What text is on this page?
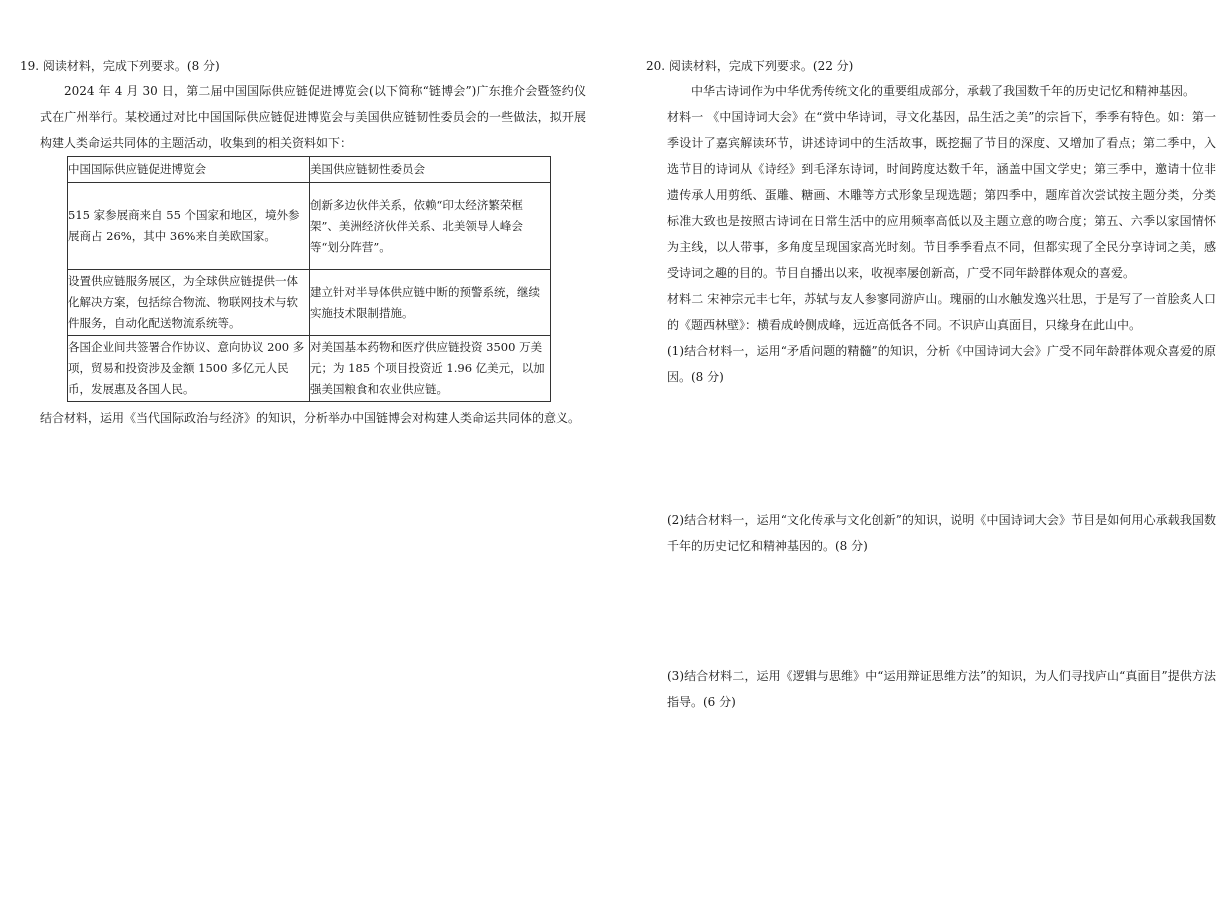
19. 阅读材料，完成下列要求。(8 分)

2024 年 4 月 30 日，第二届中国国际供应链促进博览会(以下简称“链博会”)广东推介会暨签约仪式在广州举行。某校通过对比中国国际供应链促进博览会与美国供应链韧性委员会的一些做法，拟开展构建人类命运共同体的主题活动，收集到的相关资料如下：

中国国际供应链促进博览会	美国供应链韧性委员会
515 家参展商来自 55 个国家和地区，境外参展商占 26%，其中 36%来自美欧国家。	创新多边伙伴关系，依赖“印太经济繁荣框架”、美洲经济伙伴关系、北美领导人峰会等“划分阵营”。
设置供应链服务展区，为全球供应链提供一体化解决方案，包括综合物流、物联网技术与软件服务，自动化配送物流系统等。	建立针对半导体供应链中断的预警系统，继续实施技术限制措施。
各国企业间共签署合作协议、意向协议 200 多项，贸易和投资涉及金额 1500 多亿元人民币，发展惠及各国人民。	对美国基本药物和医疗供应链投资 3500 万美元；为 185 个项目投资近 1.96 亿美元，以加强美国粮食和农业供应链。

结合材料，运用《当代国际政治与经济》的知识，分析举办中国链博会对构建人类命运共同体的意义。

20. 阅读材料，完成下列要求。(22 分)

中华古诗词作为中华优秀传统文化的重要组成部分，承载了我国数千年的历史记忆和精神基因。

材料一 《中国诗词大会》在“赏中华诗词，寻文化基因，品生活之美”的宗旨下，季季有特色。如：第一季设计了嘉宾解读环节，讲述诗词中的生活故事，既挖掘了节目的深度、又增加了看点；第二季中，入选节目的诗词从《诗经》到毛泽东诗词，时间跨度达数千年，涵盖中国文学史；第三季中，邀请十位非遗传承人用剪纸、蛋雕、糖画、木雕等方式形象呈现选题；第四季中，题库首次尝试按主题分类，分类标准大致也是按照古诗词在日常生活中的应用频率高低以及主题立意的吻合度；第五、六季以家国情怀为主线，以人带事，多角度呈现国家高光时刻。节目季季看点不同，但都实现了全民分享诗词之美，感受诗词之趣的目的。节目自播出以来，收视率屡创新高，广受不同年龄群体观众的喜爱。

材料二 宋神宗元丰七年，苏轼与友人参寥同游庐山。瑰丽的山水触发逸兴壮思，于是写了一首脍炙人口的《题西林壁》：横看成岭侧成峰，远近高低各不同。不识庐山真面目，只缘身在此山中。

(1)结合材料一，运用“矛盾问题的精髓”的知识，分析《中国诗词大会》广受不同年龄群体观众喜爱的原因。(8 分)

(2)结合材料一，运用“文化传承与文化创新”的知识，说明《中国诗词大会》节目是如何用心承载我国数千年的历史记忆和精神基因的。(8 分)

(3)结合材料二，运用《逻辑与思维》中“运用辩证思维方法”的知识，为人们寻找庐山“真面目”提供方法指导。(6 分)
